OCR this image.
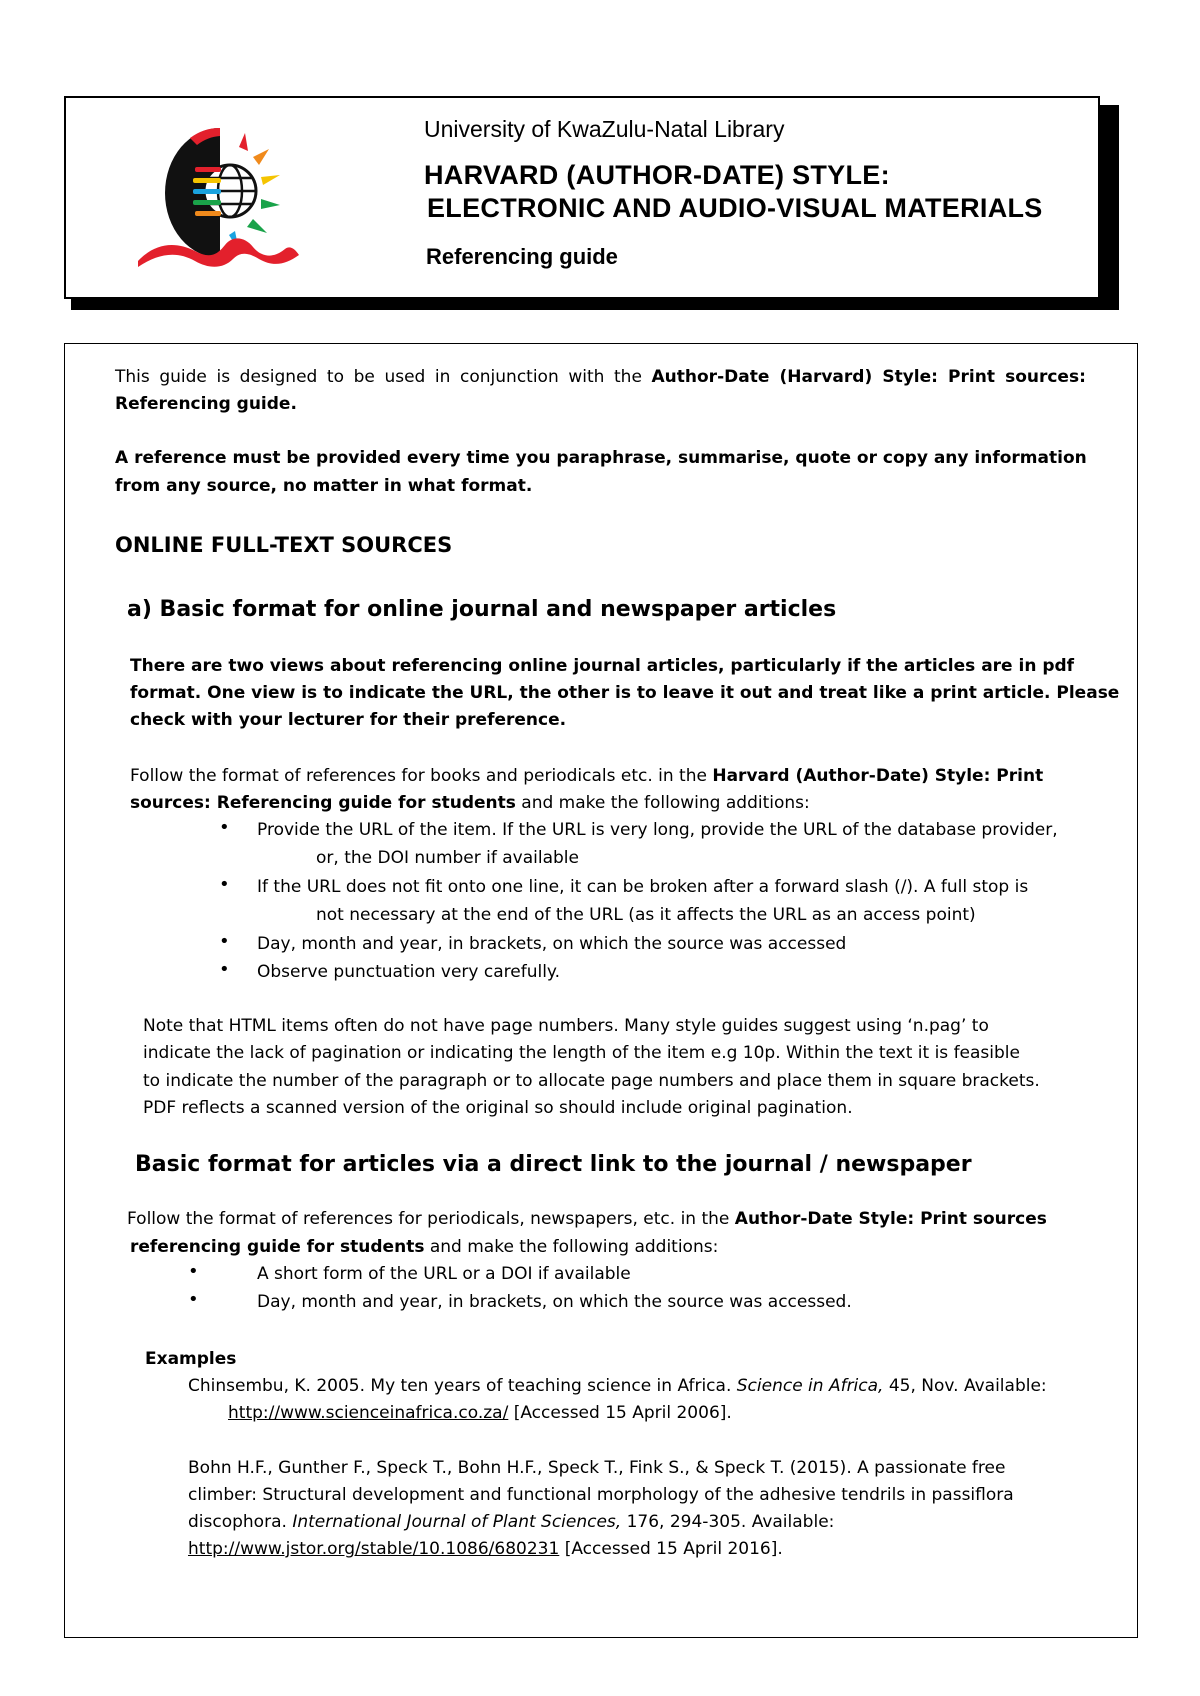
University of KwaZulu-Natal Library
HARVARD (AUTHOR-DATE) STYLE:
ELECTRONIC AND AUDIO-VISUAL MATERIALS
Referencing guide
This guide is designed to be used in conjunction with the Author-Date (Harvard) Style: Print sources:
Referencing guide.
A reference must be provided every time you paraphrase, summarise, quote or copy any information
from any source, no matter in what format.
ONLINE FULL-TEXT SOURCES
a) Basic format for online journal and newspaper articles
There are two views about referencing online journal articles, particularly if the articles are in pdf
format. One view is to indicate the URL, the other is to leave it out and treat like a print article. Please
check with your lecturer for their preference.
Follow the format of references for books and periodicals etc. in the Harvard (Author-Date) Style: Print
sources: Referencing guide for students and make the following additions:
• Provide the URL of the item. If the URL is very long, provide the URL of the database provider,
or, the DOI number if available
• If the URL does not fit onto one line, it can be broken after a forward slash (/). A full stop is
not necessary at the end of the URL (as it affects the URL as an access point)
• Day, month and year, in brackets, on which the source was accessed
• Observe punctuation very carefully.
Note that HTML items often do not have page numbers. Many style guides suggest using ‘n.pag’ to
indicate the lack of pagination or indicating the length of the item e.g 10p. Within the text it is feasible
to indicate the number of the paragraph or to allocate page numbers and place them in square brackets.
PDF reflects a scanned version of the original so should include original pagination.
Basic format for articles via a direct link to the journal / newspaper
Follow the format of references for periodicals, newspapers, etc. in the Author-Date Style: Print sources
referencing guide for students and make the following additions:
•	A short form of the URL or a DOI if available
•	Day, month and year, in brackets, on which the source was accessed.
Examples
Chinsembu, K. 2005. My ten years of teaching science in Africa. Science in Africa, 45, Nov. Available:
http://www.scienceinafrica.co.za/ [Accessed 15 April 2006].
Bohn H.F., Gunther F., Speck T., Bohn H.F., Speck T., Fink S., & Speck T. (2015). A passionate free
climber: Structural development and functional morphology of the adhesive tendrils in passiflora
discophora. International Journal of Plant Sciences, 176, 294-305. Available:
http://www.jstor.org/stable/10.1086/680231 [Accessed 15 April 2016].
